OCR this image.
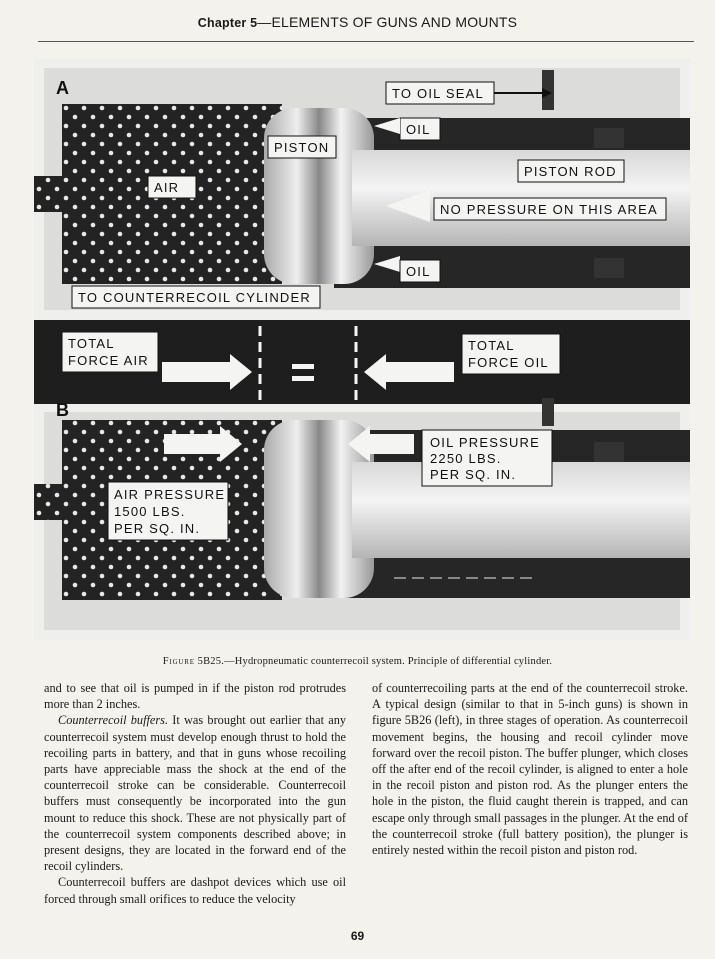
Chapter 5—ELEMENTS OF GUNS AND MOUNTS
A	TO OIL SEAL
OIL
PISTON
PISTON ROD
AIR
NO PRESSURE ON THIS AREA
OIL
TO COUNTERRECOIL CYLINDER
TOTAL
FORCE AIR
TOTAL
FORCE OIL
B
OIL PRESSURE
2250 LBS.
PER SQ. IN.
AIR PRESSURE
1500 LBS.
PER SQ. IN.
Figure 5B25.—Hydropneumatic counterrecoil system. Principle of differential cylinder.

and to see that oil is pumped in if the piston rod protrudes more than 2 inches.

Counterrecoil buffers. It was brought out earlier that any counterrecoil system must develop enough thrust to hold the recoiling parts in battery, and that in guns whose recoiling parts have appreciable mass the shock at the end of the counterrecoil stroke can be considerable. Counterrecoil buffers must consequently be incorporated into the gun mount to reduce this shock. These are not physically part of the counterrecoil system components described above; in present designs, they are located in the forward end of the recoil cylinders.

Counterrecoil buffers are dashpot devices which use oil forced through small orifices to reduce the velocity

of counterrecoiling parts at the end of the counterrecoil stroke. A typical design (similar to that in 5-inch guns) is shown in figure 5B26 (left), in three stages of operation. As counterrecoil movement begins, the housing and recoil cylinder move forward over the recoil piston. The buffer plunger, which closes off the after end of the recoil cylinder, is aligned to enter a hole in the recoil piston and piston rod. As the plunger enters the hole in the piston, the fluid caught therein is trapped, and can escape only through small passages in the plunger. At the end of the counterrecoil stroke (full battery position), the plunger is entirely nested within the recoil piston and piston rod.

69
